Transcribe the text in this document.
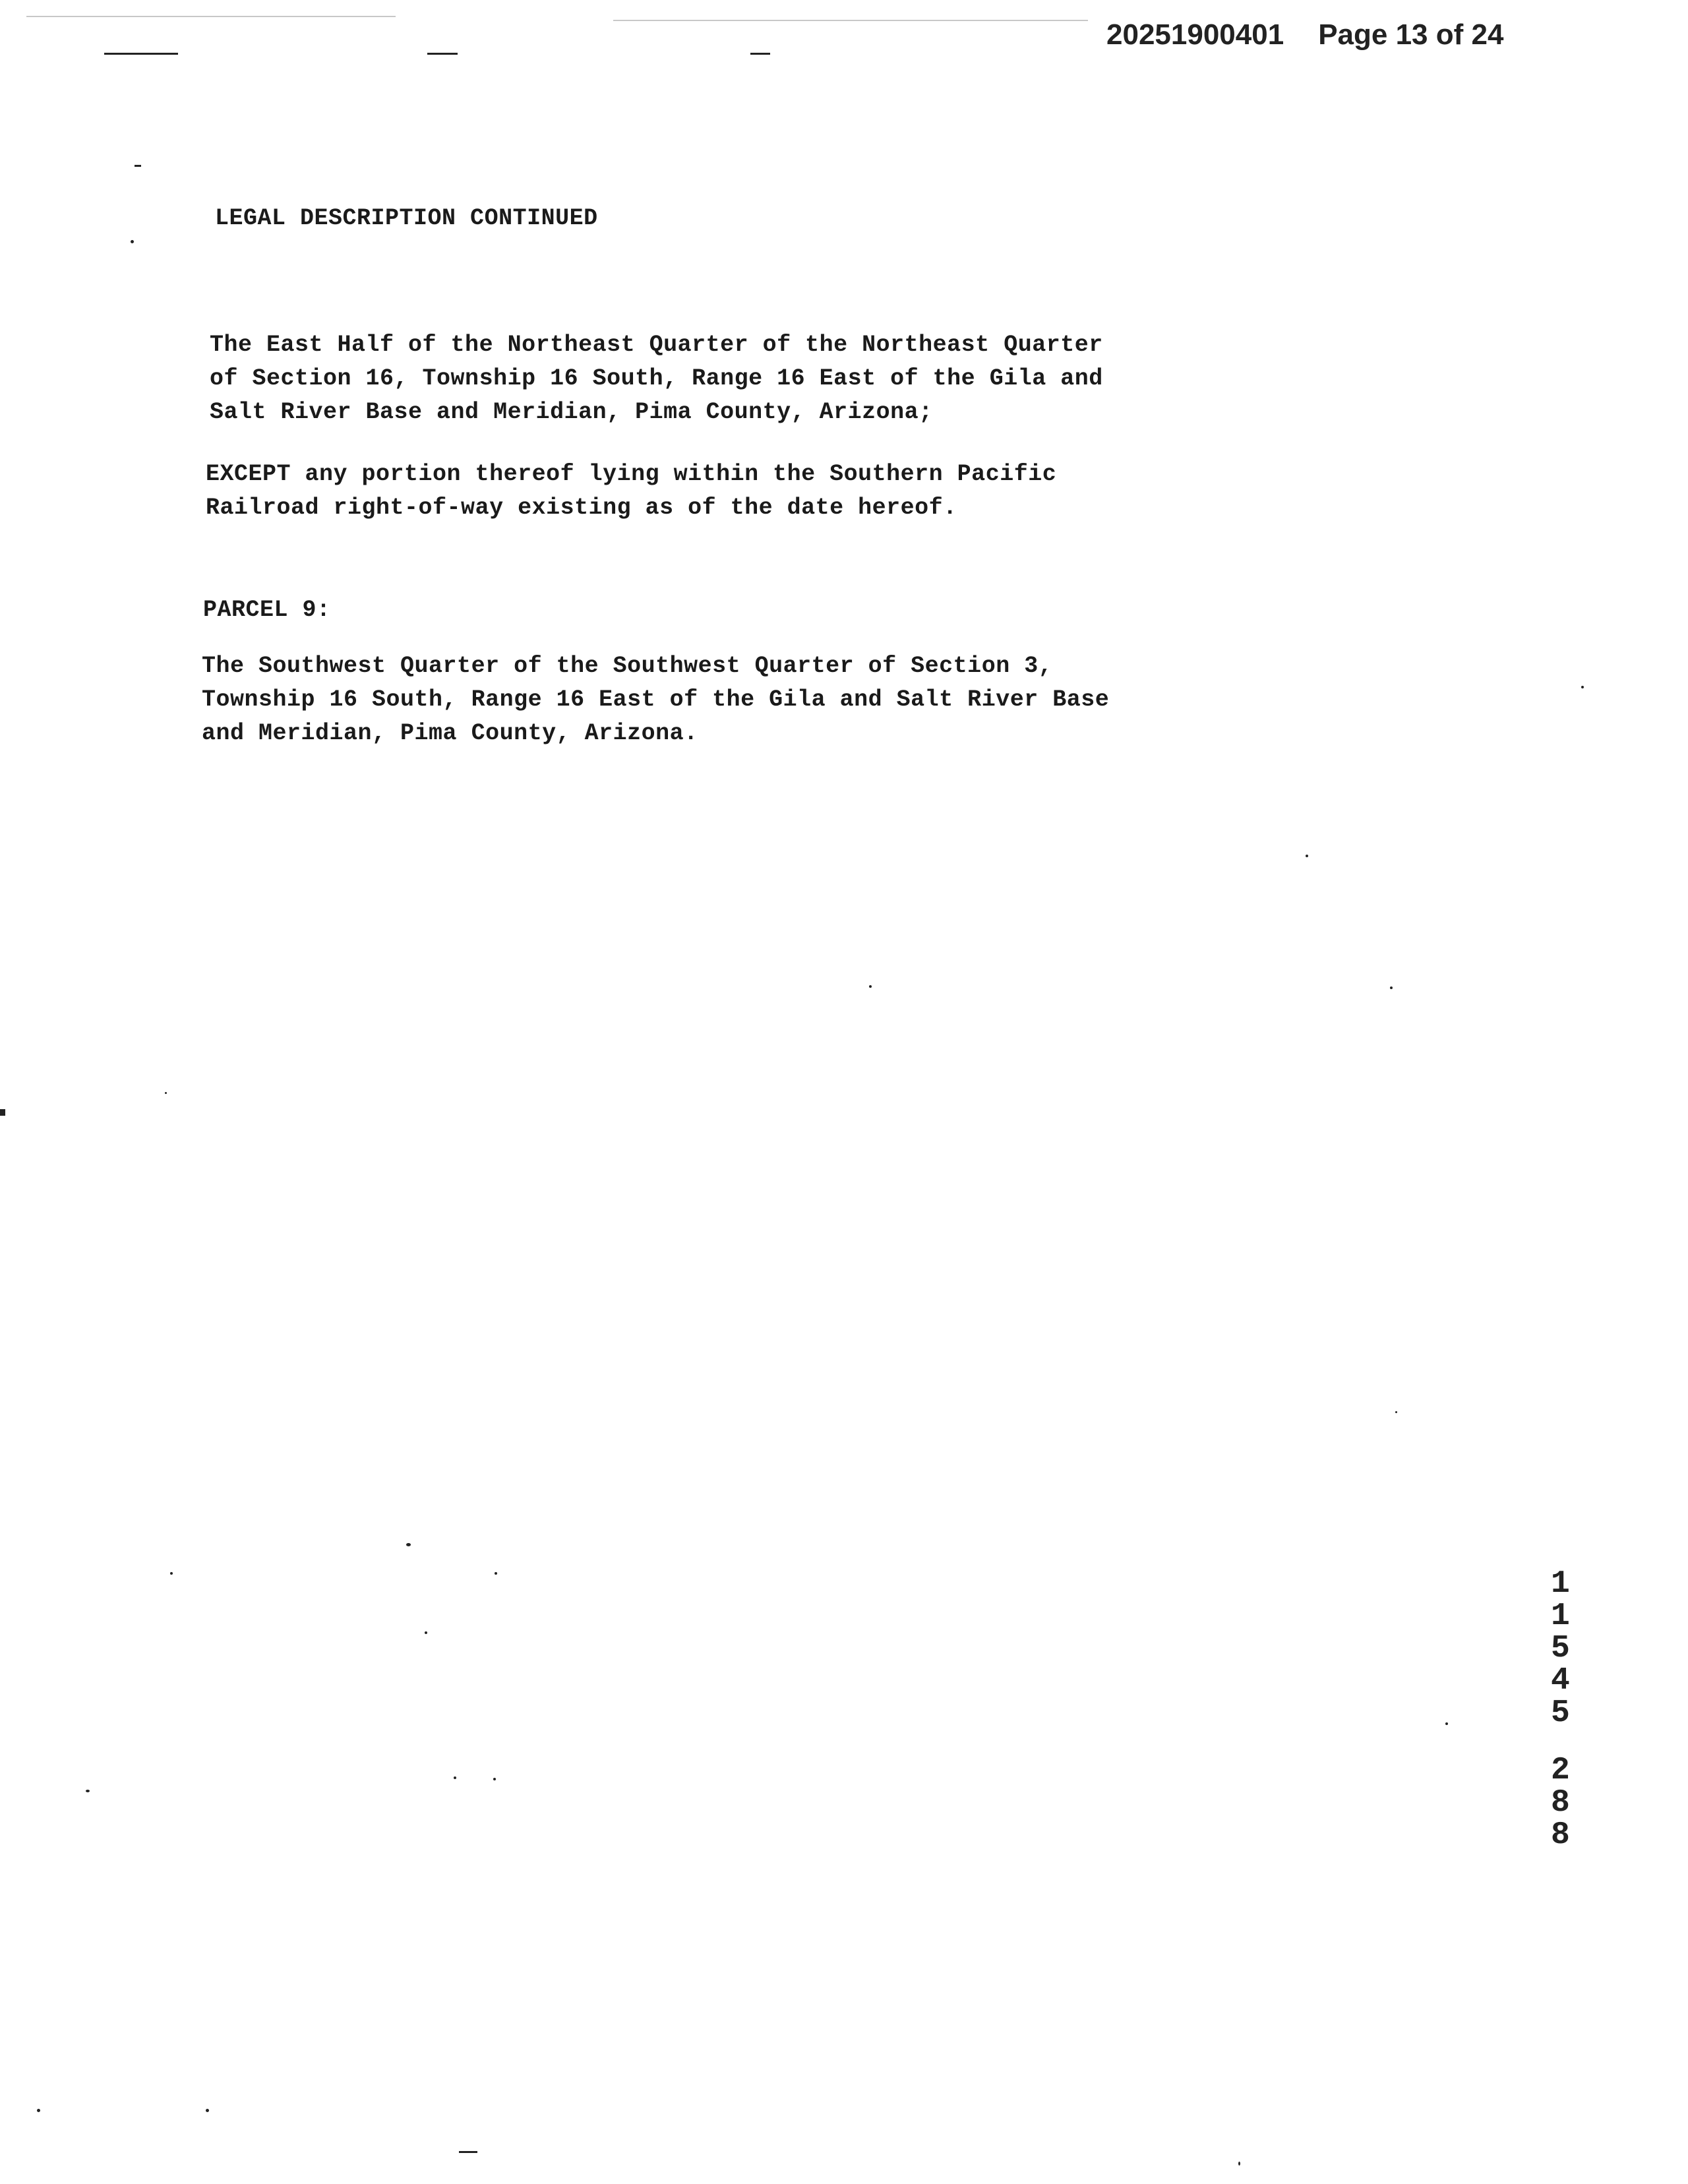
20251900401 Page 13 of 24
LEGAL DESCRIPTION CONTINUED
The East Half of the Northeast Quarter of the Northeast Quarter
of Section 16, Township 16 South, Range 16 East of the Gila and
Salt River Base and Meridian, Pima County, Arizona;
EXCEPT any portion thereof lying within the Southern Pacific
Railroad right-of-way existing as of the date hereof.
PARCEL 9:
The Southwest Quarter of the Southwest Quarter of Section 3,
Township 16 South, Range 16 East of the Gila and Salt River Base
and Meridian, Pima County, Arizona.
1
1
5
4
5
2
8
8
